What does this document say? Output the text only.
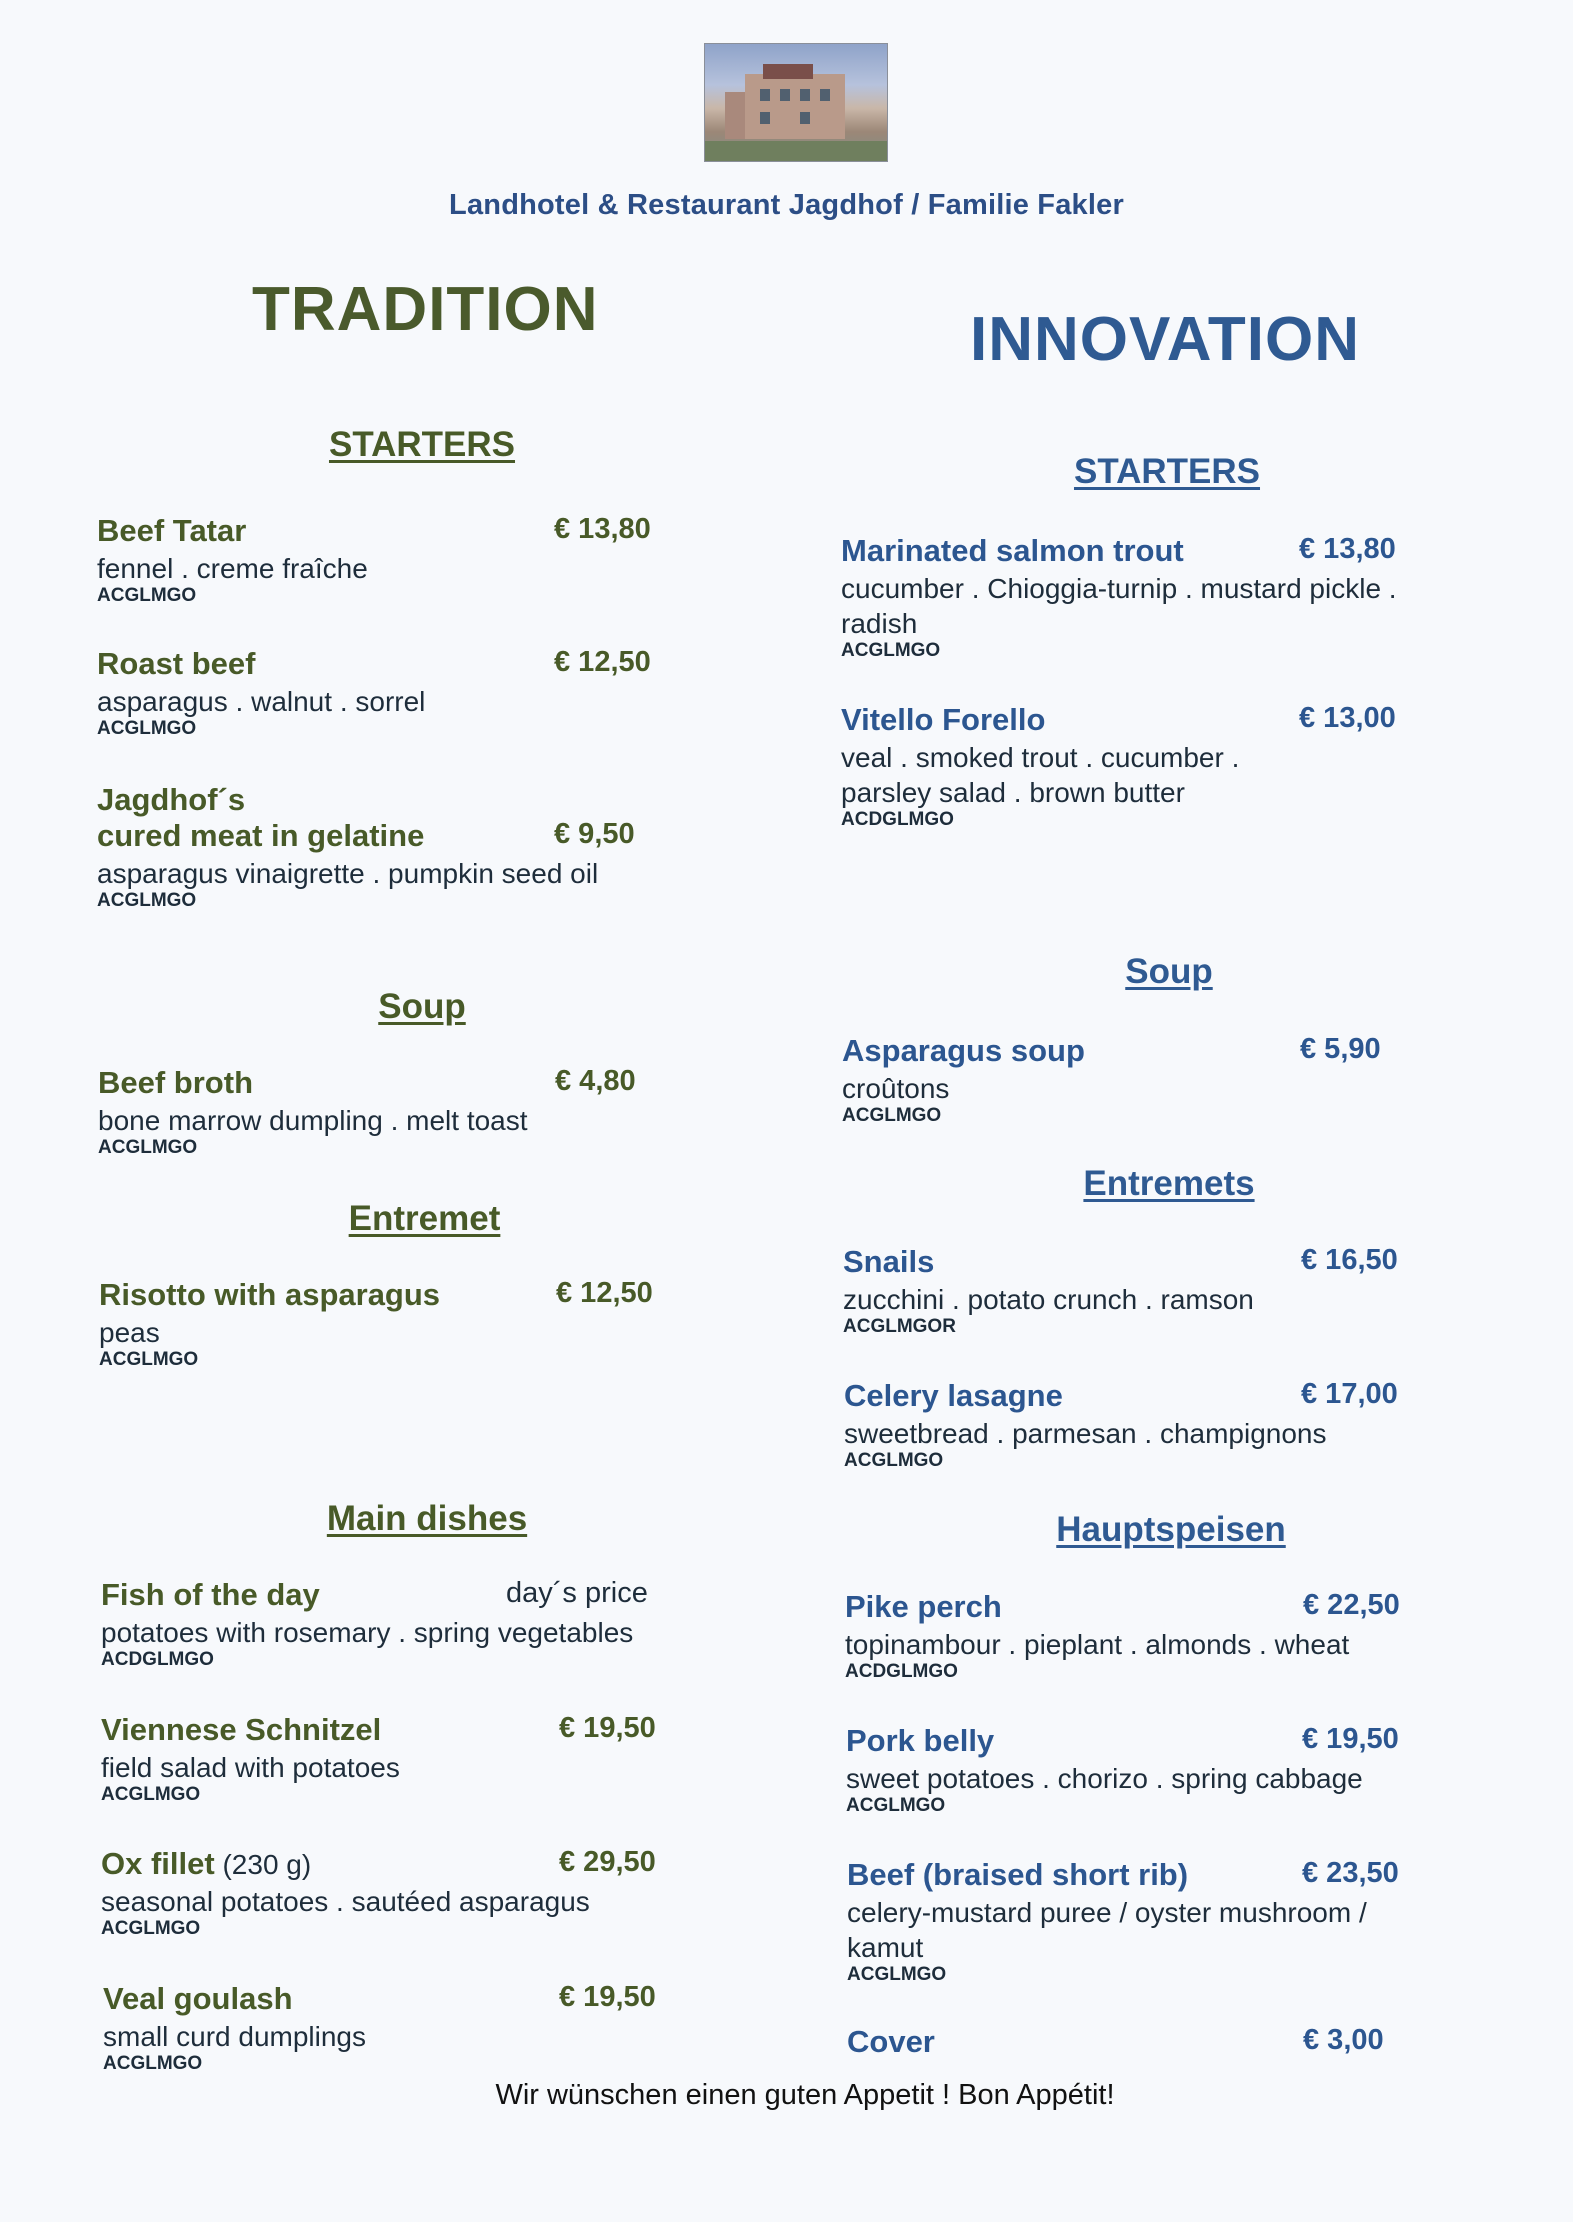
Landhotel & Restaurant Jagdhof / Familie Fakler
TRADITION	INNOVATION
STARTERS
Beef Tatar	€ 13,80
fennel . creme fraîche
ACGLMGO
Roast beef	€ 12,50
asparagus . walnut . sorrel
ACGLMGO
Jagdhof´s
cured meat in gelatine	€ 9,50
asparagus vinaigrette . pumpkin seed oil
ACGLMGO
Soup
Beef broth	€ 4,80
bone marrow dumpling . melt toast
ACGLMGO
Entremet
Risotto with asparagus	€ 12,50
peas
ACGLMGO
Main dishes
Fish of the day	day´s price
potatoes with rosemary . spring vegetables
ACDGLMGO
Viennese Schnitzel	€ 19,50
field salad with potatoes
ACGLMGO
Ox fillet (230 g)	€ 29,50
seasonal potatoes . sautéed asparagus
ACGLMGO
Veal goulash	€ 19,50
small curd dumplings
ACGLMGO
STARTERS
Marinated salmon trout	€ 13,80
cucumber . Chioggia-turnip . mustard pickle .
radish
ACGLMGO
Vitello Forello	€ 13,00
veal . smoked trout . cucumber .
parsley salad . brown butter
ACDGLMGO
Soup
Asparagus soup	€ 5,90
croûtons
ACGLMGO
Entremets
Snails	€ 16,50
zucchini . potato crunch . ramson
ACGLMGOR
Celery lasagne	€ 17,00
sweetbread . parmesan . champignons
ACGLMGO
Hauptspeisen
Pike perch	€ 22,50
topinambour . pieplant . almonds . wheat
ACDGLMGO
Pork belly	€ 19,50
sweet potatoes . chorizo . spring cabbage
ACGLMGO
Beef (braised short rib)	€ 23,50
celery-mustard puree / oyster mushroom /
kamut
ACGLMGO
Cover	€ 3,00
Wir wünschen einen guten Appetit ! Bon Appétit!
